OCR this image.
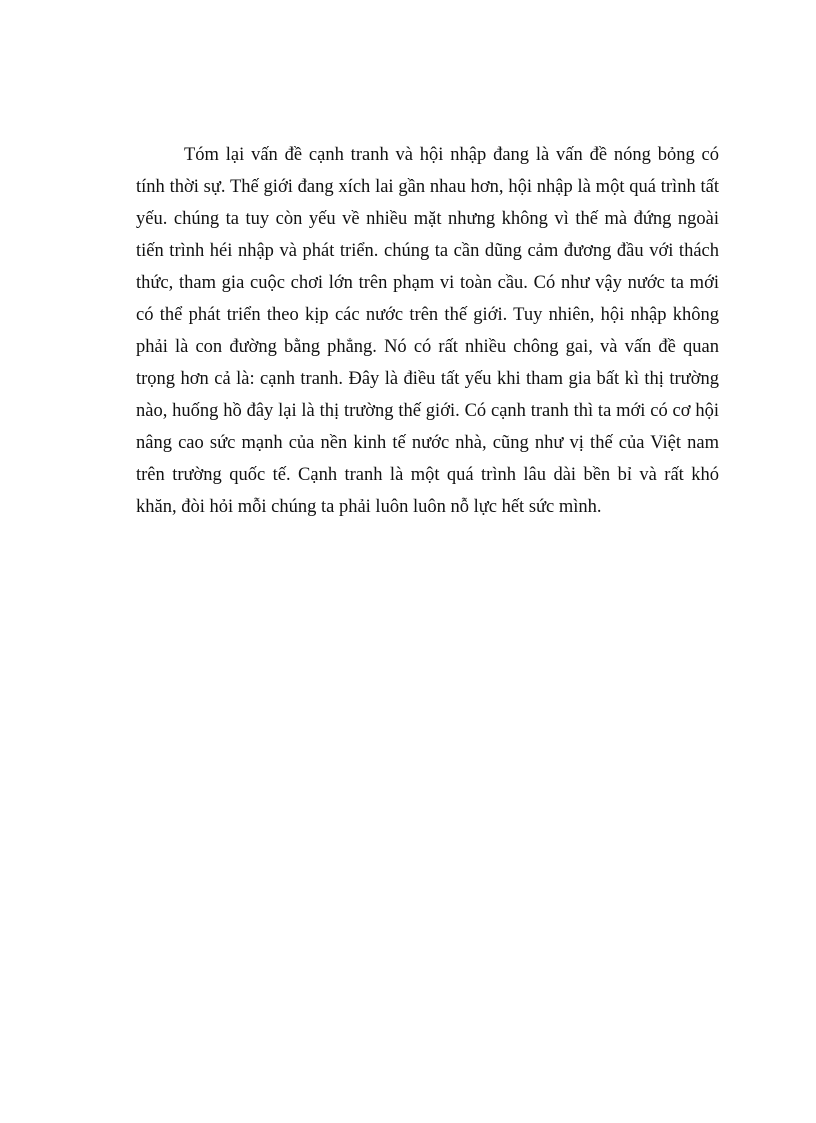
Tóm lại vấn đề cạnh tranh và hội nhập đang là vấn đề nóng bỏng có tính thời sự. Thế giới đang xích lai gần nhau hơn, hội nhập là một quá trình tất yếu. chúng ta tuy còn yếu về nhiều mặt nhưng không vì thế mà đứng ngoài tiến trình héi nhập và phát triển. chúng ta cần dũng cảm đương đầu với thách thức, tham gia cuộc chơi lớn trên phạm vi toàn cầu. Có như vậy nước ta mới có thể phát triển theo kịp các nước trên thế giới. Tuy nhiên, hội nhập không phải là con đường bằng phẳng. Nó có rất nhiều chông gai, và vấn đề quan trọng hơn cả là: cạnh tranh. Đây là điều tất yếu khi tham gia bất kì thị trường nào, huống hồ đây lại là thị trường thế giới. Có cạnh tranh thì ta mới có cơ hội nâng cao sức mạnh của nền kinh tế nước nhà, cũng như vị thế của Việt nam trên trường quốc tế. Cạnh tranh là một quá trình lâu dài bền bỉ và rất khó khăn, đòi hỏi mỗi chúng ta phải luôn luôn nỗ lực hết sức mình.
